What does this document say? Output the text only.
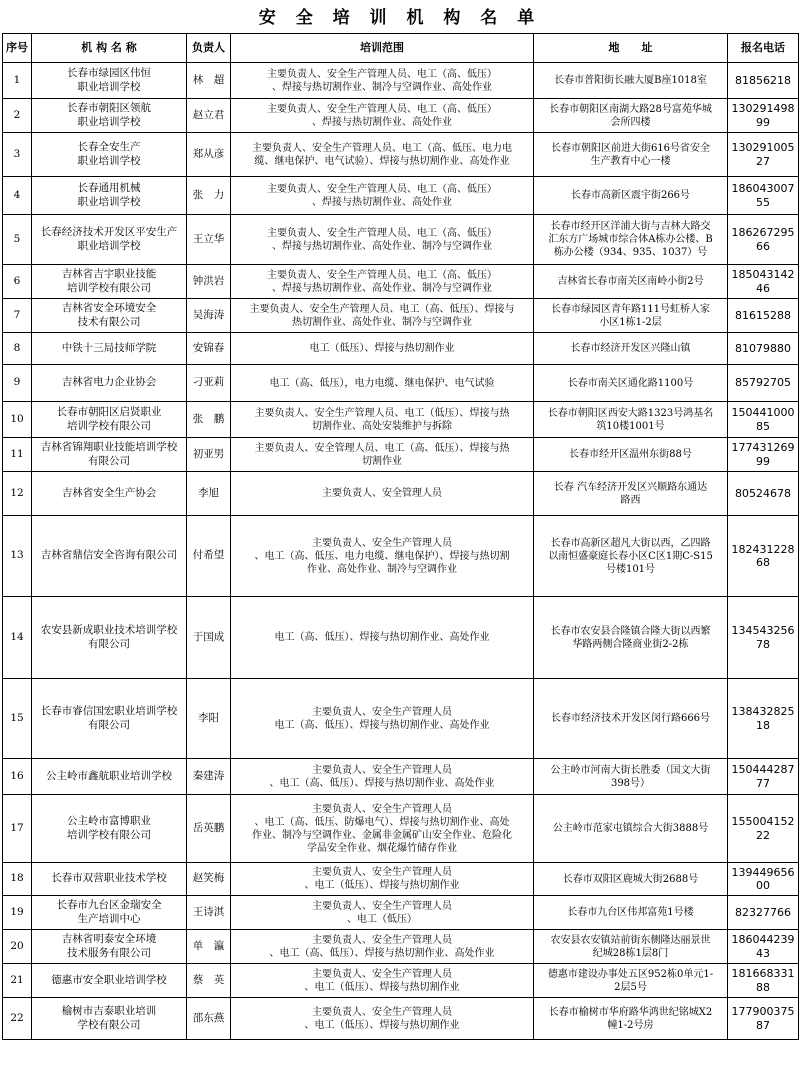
安 全 培 训 机 构 名 单
序号	机 构 名 称	负责人	培训范围	地　　址	报名电话
1	长春市绿园区伟恒
职业培训学校	林　超	主要负责人、安全生产管理人员、电工（高、低压）
、焊接与热切割作业、制冷与空调作业、高处作业	长春市普阳街长融大厦B座1018室	81856218
2	长春市朝阳区领航
职业培训学校	赵立君	主要负责人、安全生产管理人员、电工（高、低压）
、焊接与热切割作业、高处作业	长春市朝阳区南湖大路28号富苑华城
会所四楼	13029149899
3	长春全安生产
职业培训学校	郑从彦	主要负责人、安全生产管理人员、电工（高、低压、电力电
缆、继电保护、电气试验）、焊接与热切割作业、高处作业	长春市朝阳区前进大街616号省安全
生产教育中心一楼	13029100527
4	长春通用机械
职业培训学校	张　力	主要负责人、安全生产管理人员、电工（高、低压）
、焊接与热切割作业、高处作业	长春市高新区震宇街266号	18604300755
5	长春经济技术开发区平安生产
职业培训学校	王立华	主要负责人、安全生产管理人员、电工（高、低压）
、焊接与热切割作业、高处作业、制冷与空调作业	长春市经开区洋浦大街与吉林大路交
汇东方广场城市综合体A栋办公楼、B
栋办公楼（934、935、1037）号	18626729566
6	吉林省吉宇职业技能
培训学校有限公司	钟洪岩	主要负责人、安全生产管理人员、电工（高、低压）
、焊接与热切割作业、高处作业、制冷与空调作业	吉林省长春市南关区南岭小街2号	18504314246
7	吉林省安全环境安全
技术有限公司	吴海涛	主要负责人、安全生产管理人员、电工（高、低压）、焊接与
热切割作业、高处作业、制冷与空调作业	长春市绿园区青年路111号虹桥人家
小区1栋1-2层	81615288
8	中铁十三局技师学院	安锦春	电工（低压）、焊接与热切割作业	长春市经济开发区兴隆山镇	81079880
9	吉林省电力企业协会	刁亚莉	电工（高、低压），电力电缆、继电保护、电气试验	长春市南关区通化路1100号	85792705
10	长春市朝阳区启贤职业
培训学校有限公司	张　鹏	主要负责人、安全生产管理人员、电工（低压）、焊接与热
切割作业、高处安装维护与拆除	长春市朝阳区西安大路1323号鸿基名
筑10楼1001号	15044100085
11	吉林省锦翔职业技能培训学校
有限公司	初亚男	主要负责人、安全管理人员、电工（高、低压）、焊接与热
切割作业	长春市经开区温州东街88号	17743126999
12	吉林省安全生产协会	李旭	主要负责人、安全管理人员	长春 汽车经济开发区兴顺路东通达
路西	80524678
13	吉林省鼎信安全咨询有限公司	付希望	主要负责人、安全生产管理人员
、电工（高、低压、电力电缆、继电保护）、焊接与热切割
作业、高处作业、制冷与空调作业	长春市高新区超凡大街以西，乙四路
以南恒盛豪庭长春小区C区1期C-S15
号楼101号	18243122868
14	农安县新成职业技术培训学校
有限公司	于国成	电工（高、低压）、焊接与热切割作业、高处作业	长春市农安县合隆镇合隆大街以西繁
华路两侧合隆商业街2-2栋	13454325678
15	长春市睿信国宏职业培训学校
有限公司	李阳	主要负责人、安全生产管理人员
电工（高、低压）、焊接与热切割作业、高处作业	长春市经济技术开发区闵行路666号	13843282518
16	公主岭市鑫航职业培训学校	秦建涛	主要负责人、安全生产管理人员
、电工（高、低压）、焊接与热切割作业、高处作业	公主岭市河南大街长胜委（国文大街
398号）	15044428777
17	公主岭市富博职业
培训学校有限公司	岳英鹏	主要负责人、安全生产管理人员
、电工（高、低压、防爆电气）、焊接与热切割作业、高处
作业、制冷与空调作业、金属非金属矿山安全作业、危险化
学品安全作业、烟花爆竹储存作业	公主岭市范家屯镇综合大街3888号	15500415222
18	长春市双营职业技术学校	赵笑梅	主要负责人、安全生产管理人员
、电工（低压）、焊接与热切割作业	长春市双阳区鹿城大街2688号	13944965600
19	长春市九台区金瑞安全
生产培训中心	王诗淇	主要负责人、安全生产管理人员
、电工（低压）	长春市九台区伟邦富苑1号楼	82327766
20	吉林省明泰安全环境
技术服务有限公司	单　瀛	主要负责人、安全生产管理人员
、电工（高、低压）、焊接与热切割作业、高处作业	农安县农安镇站前街东侧隆达丽景世
纪城28栋1层8门	18604423943
21	德惠市安全职业培训学校	蔡　英	主要负责人、安全生产管理人员
、电工（低压）、焊接与热切割作业	德惠市建设办事处五区952栋0单元1-
2层5号	18166833188
22	榆树市吉泰职业培训
学校有限公司	邵东燕	主要负责人、安全生产管理人员
、电工（低压）、焊接与热切割作业	长春市榆树市华府路华鸿世纪铭城X2
幢1-2号房	17790037587
